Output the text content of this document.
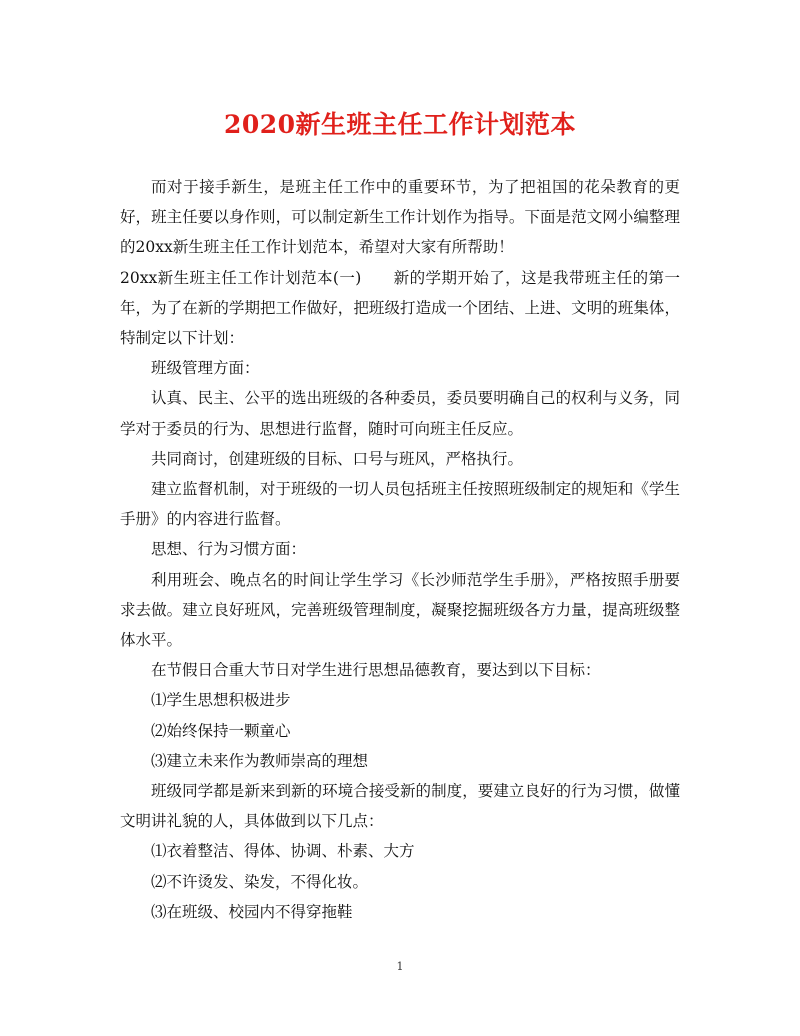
2020新生班主任工作计划范本

而对于接手新生，是班主任工作中的重要环节，为了把祖国的花朵教育的更好，班主任要以身作则，可以制定新生工作计划作为指导。下面是范文网小编整理的20xx新生班主任工作计划范本，希望对大家有所帮助！

20xx新生班主任工作计划范本(一)　　新的学期开始了，这是我带班主任的第一年，为了在新的学期把工作做好，把班级打造成一个团结、上进、文明的班集体，特制定以下计划：

班级管理方面：

认真、民主、公平的选出班级的各种委员，委员要明确自己的权利与义务，同学对于委员的行为、思想进行监督，随时可向班主任反应。

共同商讨，创建班级的目标、口号与班风，严格执行。

建立监督机制，对于班级的一切人员包括班主任按照班级制定的规矩和《学生手册》的内容进行监督。

思想、行为习惯方面：

利用班会、晚点名的时间让学生学习《长沙师范学生手册》，严格按照手册要求去做。建立良好班风，完善班级管理制度，凝聚挖掘班级各方力量，提高班级整体水平。

在节假日合重大节日对学生进行思想品德教育，要达到以下目标：

⑴学生思想积极进步

⑵始终保持一颗童心

⑶建立未来作为教师崇高的理想

班级同学都是新来到新的环境合接受新的制度，要建立良好的行为习惯，做懂文明讲礼貌的人，具体做到以下几点：

⑴衣着整洁、得体、协调、朴素、大方

⑵不许烫发、染发，不得化妆。

⑶在班级、校园内不得穿拖鞋

1
